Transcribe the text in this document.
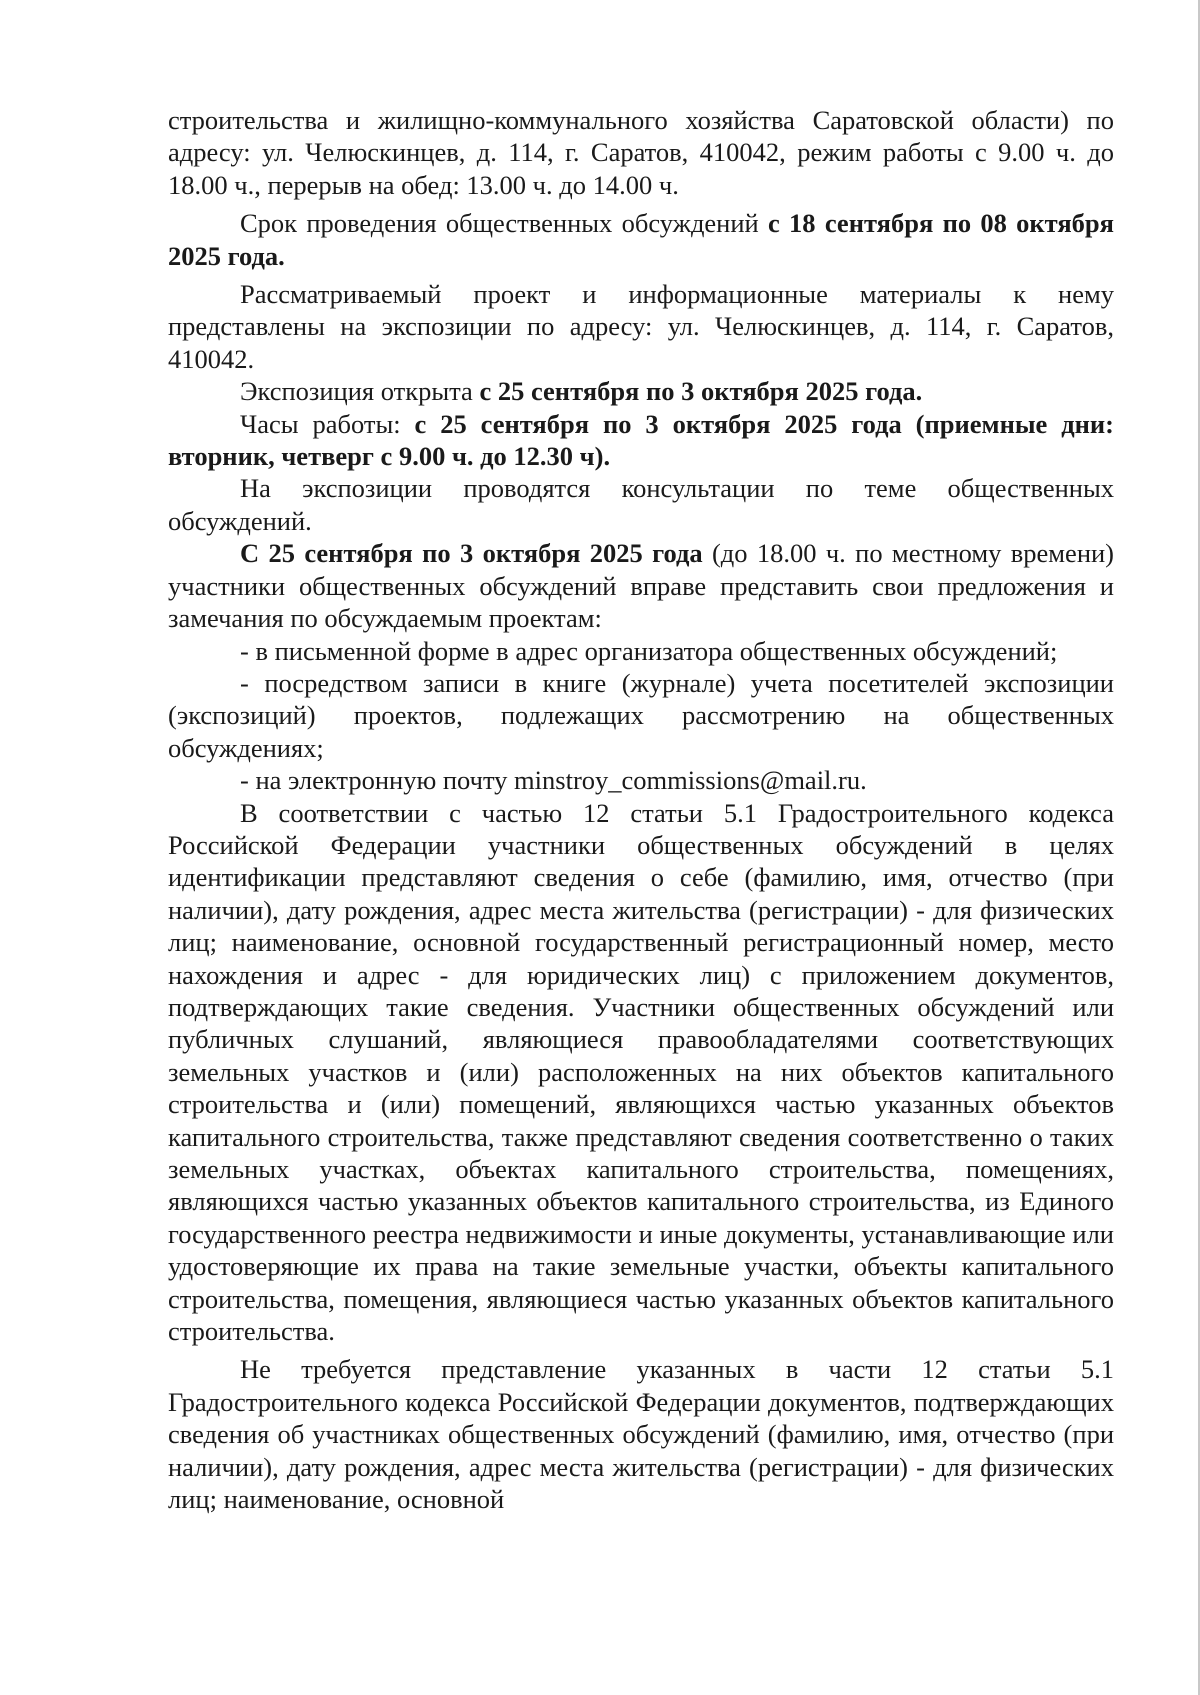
строительства и жилищно-коммунального хозяйства Саратовской области) по адресу: ул. Челюскинцев, д. 114, г. Саратов, 410042, режим работы с 9.00 ч. до 18.00 ч., перерыв на обед: 13.00 ч. до 14.00 ч.

Срок проведения общественных обсуждений с 18 сентября по 08 октября 2025 года.

Рассматриваемый проект и информационные материалы к нему представлены на экспозиции по адресу: ул. Челюскинцев, д. 114, г. Саратов, 410042.

Экспозиция открыта с 25 сентября по 3 октября 2025 года.

Часы работы: с 25 сентября по 3 октября 2025 года (приемные дни: вторник, четверг с 9.00 ч. до 12.30 ч).

На экспозиции проводятся консультации по теме общественных обсуждений.

С 25 сентября по 3 октября 2025 года (до 18.00 ч. по местному времени) участники общественных обсуждений вправе представить свои предложения и замечания по обсуждаемым проектам:

- в письменной форме в адрес организатора общественных обсуждений;

- посредством записи в книге (журнале) учета посетителей экспозиции (экспозиций) проектов, подлежащих рассмотрению на общественных обсуждениях;

- на электронную почту minstroy_commissions@mail.ru.

В соответствии с частью 12 статьи 5.1 Градостроительного кодекса Российской Федерации участники общественных обсуждений в целях идентификации представляют сведения о себе (фамилию, имя, отчество (при наличии), дату рождения, адрес места жительства (регистрации) - для физических лиц; наименование, основной государственный регистрационный номер, место нахождения и адрес - для юридических лиц) с приложением документов, подтверждающих такие сведения. Участники общественных обсуждений или публичных слушаний, являющиеся правообладателями соответствующих земельных участков и (или) расположенных на них объектов капитального строительства и (или) помещений, являющихся частью указанных объектов капитального строительства, также представляют сведения соответственно о таких земельных участках, объектах капитального строительства, помещениях, являющихся частью указанных объектов капитального строительства, из Единого государственного реестра недвижимости и иные документы, устанавливающие или удостоверяющие их права на такие земельные участки, объекты капитального строительства, помещения, являющиеся частью указанных объектов капитального строительства.

Не требуется представление указанных в части 12 статьи 5.1 Градостроительного кодекса Российской Федерации документов, подтверждающих сведения об участниках общественных обсуждений (фамилию, имя, отчество (при наличии), дату рождения, адрес места жительства (регистрации) - для физических лиц; наименование, основной
